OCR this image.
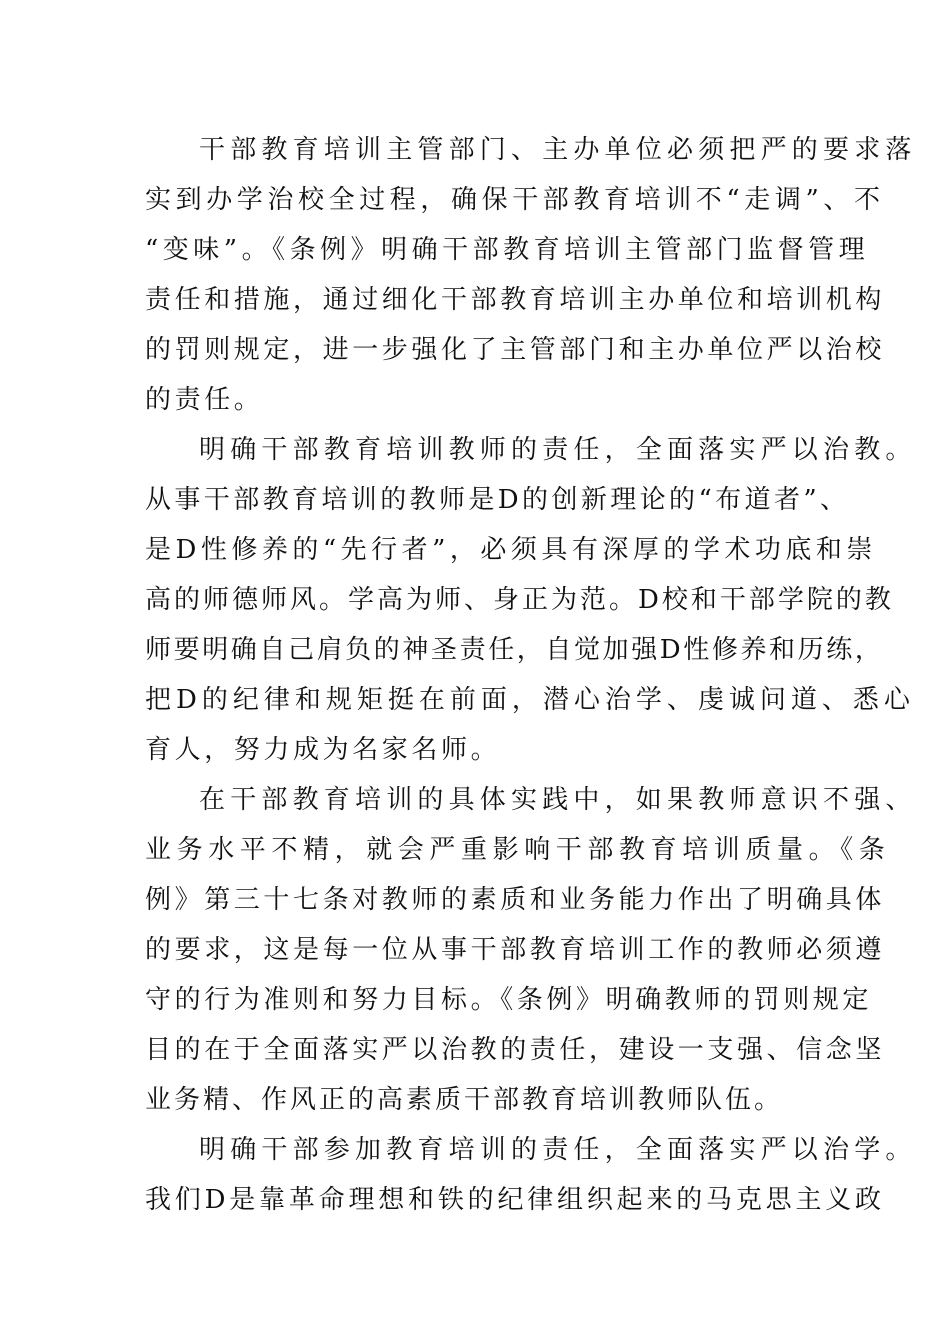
干部教育培训主管部门、主办单位必须把严的要求落

实到办学治校全过程，确保干部教育培训不“走调”、不

“变味”。《条例》明确干部教育培训主管部门监督管理

责任和措施，通过细化干部教育培训主办单位和培训机构

的罚则规定，进一步强化了主管部门和主办单位严以治校

的责任。

明确干部教育培训教师的责任，全面落实严以治教。

从事干部教育培训的教师是D的创新理论的“布道者”、

是D性修养的“先行者”，必须具有深厚的学术功底和崇

高的师德师风。学高为师、身正为范。D校和干部学院的教

师要明确自己肩负的神圣责任，自觉加强D性修养和历练，

把D的纪律和规矩挺在前面，潜心治学、虔诚问道、悉心

育人，努力成为名家名师。

在干部教育培训的具体实践中，如果教师意识不强、

业务水平不精，就会严重影响干部教育培训质量。《条

例》第三十七条对教师的素质和业务能力作出了明确具体

的要求，这是每一位从事干部教育培训工作的教师必须遵

守的行为准则和努力目标。《条例》明确教师的罚则规定

目的在于全面落实严以治教的责任，建设一支强、信念坚

业务精、作风正的高素质干部教育培训教师队伍。

明确干部参加教育培训的责任，全面落实严以治学。

我们D是靠革命理想和铁的纪律组织起来的马克思主义政
